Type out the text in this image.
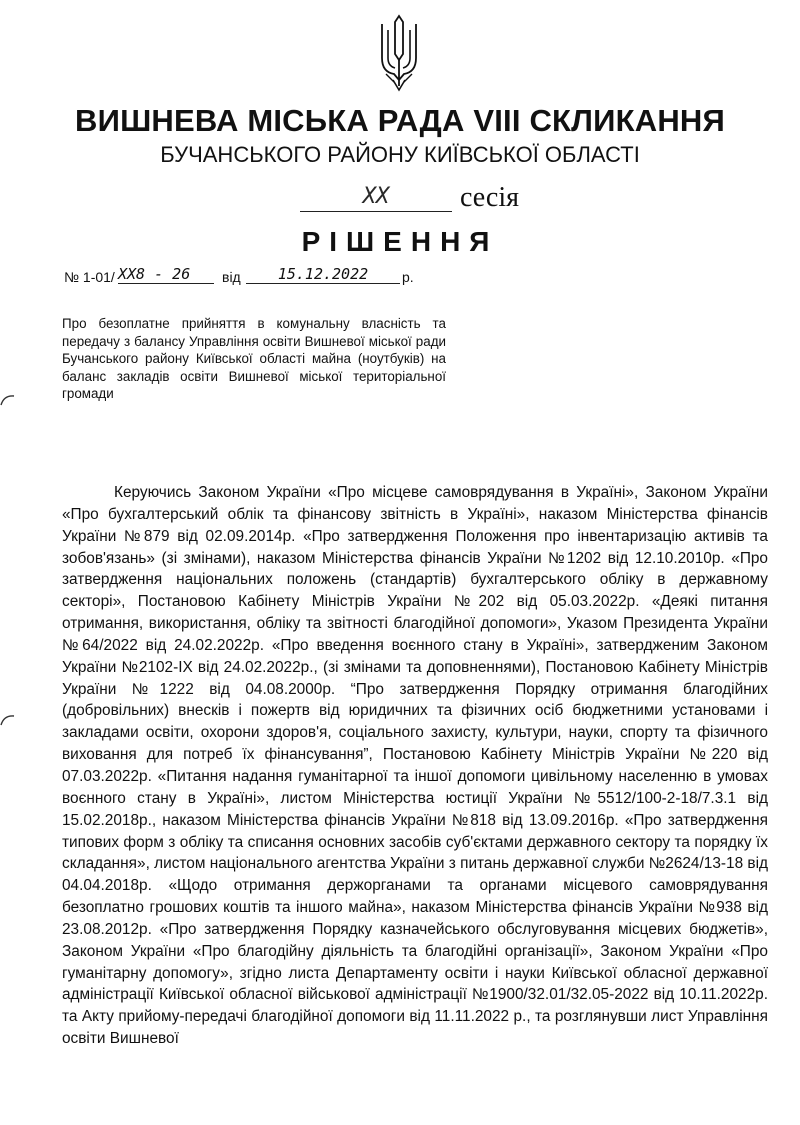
ВИШНЕВА МІСЬКА РАДА VIII СКЛИКАННЯ
БУЧАНСЬКОГО РАЙОНУ КИЇВСЬКОЇ ОБЛАСТІ
XX	сесія
РІШЕННЯ
№ 1-01/ XX8 - 26	від	15.12.2022	р.
Про безоплатне прийняття в комунальну власність та передачу з балансу Управління освіти Вишневої міської ради Бучанського району Київської області майна (ноутбуків) на баланс закладів освіти Вишневої міської територіальної громади

Керуючись Законом України «Про місцеве самоврядування в Україні», Законом України «Про бухгалтерський облік та фінансову звітність в Україні», наказом Міністерства фінансів України №879 від 02.09.2014р. «Про затвердження Положення про інвентаризацію активів та зобов'язань» (зі змінами), наказом Міністерства фінансів України №1202 від 12.10.2010р. «Про затвердження національних положень (стандартів) бухгалтерського обліку в державному секторі», Постановою Кабінету Міністрів України №202 від 05.03.2022р. «Деякі питання отримання, використання, обліку та звітності благодійної допомоги», Указом Президента України №64/2022 від 24.02.2022р. «Про введення воєнного стану в Україні», затвердженим Законом України №2102-ІХ від 24.02.2022р., (зі змінами та доповненнями), Постановою Кабінету Міністрів України №1222 від 04.08.2000р. “Про затвердження Порядку отримання благодійних (добровільних) внесків і пожертв від юридичних та фізичних осіб бюджетними установами і закладами освіти, охорони здоров'я, соціального захисту, культури, науки, спорту та фізичного виховання для потреб їх фінансування”, Постановою Кабінету Міністрів України №220 від 07.03.2022р. «Питання надання гуманітарної та іншої допомоги цивільному населенню в умовах воєнного стану в Україні», листом Міністерства юстиції України №5512/100-2-18/7.3.1 від 15.02.2018р., наказом Міністерства фінансів України №818 від 13.09.2016р. «Про затвердження типових форм з обліку та списання основних засобів суб'єктами державного сектору та порядку їх складання», листом національного агентства України з питань державної служби №2624/13-18 від 04.04.2018р. «Щодо отримання держорганами та органами місцевого самоврядування безоплатно грошових коштів та іншого майна», наказом Міністерства фінансів України №938 від 23.08.2012р. «Про затвердження Порядку казначейського обслуговування місцевих бюджетів», Законом України «Про благодійну діяльність та благодійні організації», Законом України «Про гуманітарну допомогу», згідно листа Департаменту освіти і науки Київської обласної державної адміністрації Київської обласної військової адміністрації №1900/32.01/32.05-2022 від 10.11.2022р. та Акту прийому-передачі благодійної допомоги від 11.11.2022 р., та розглянувши лист Управління освіти Вишневої
